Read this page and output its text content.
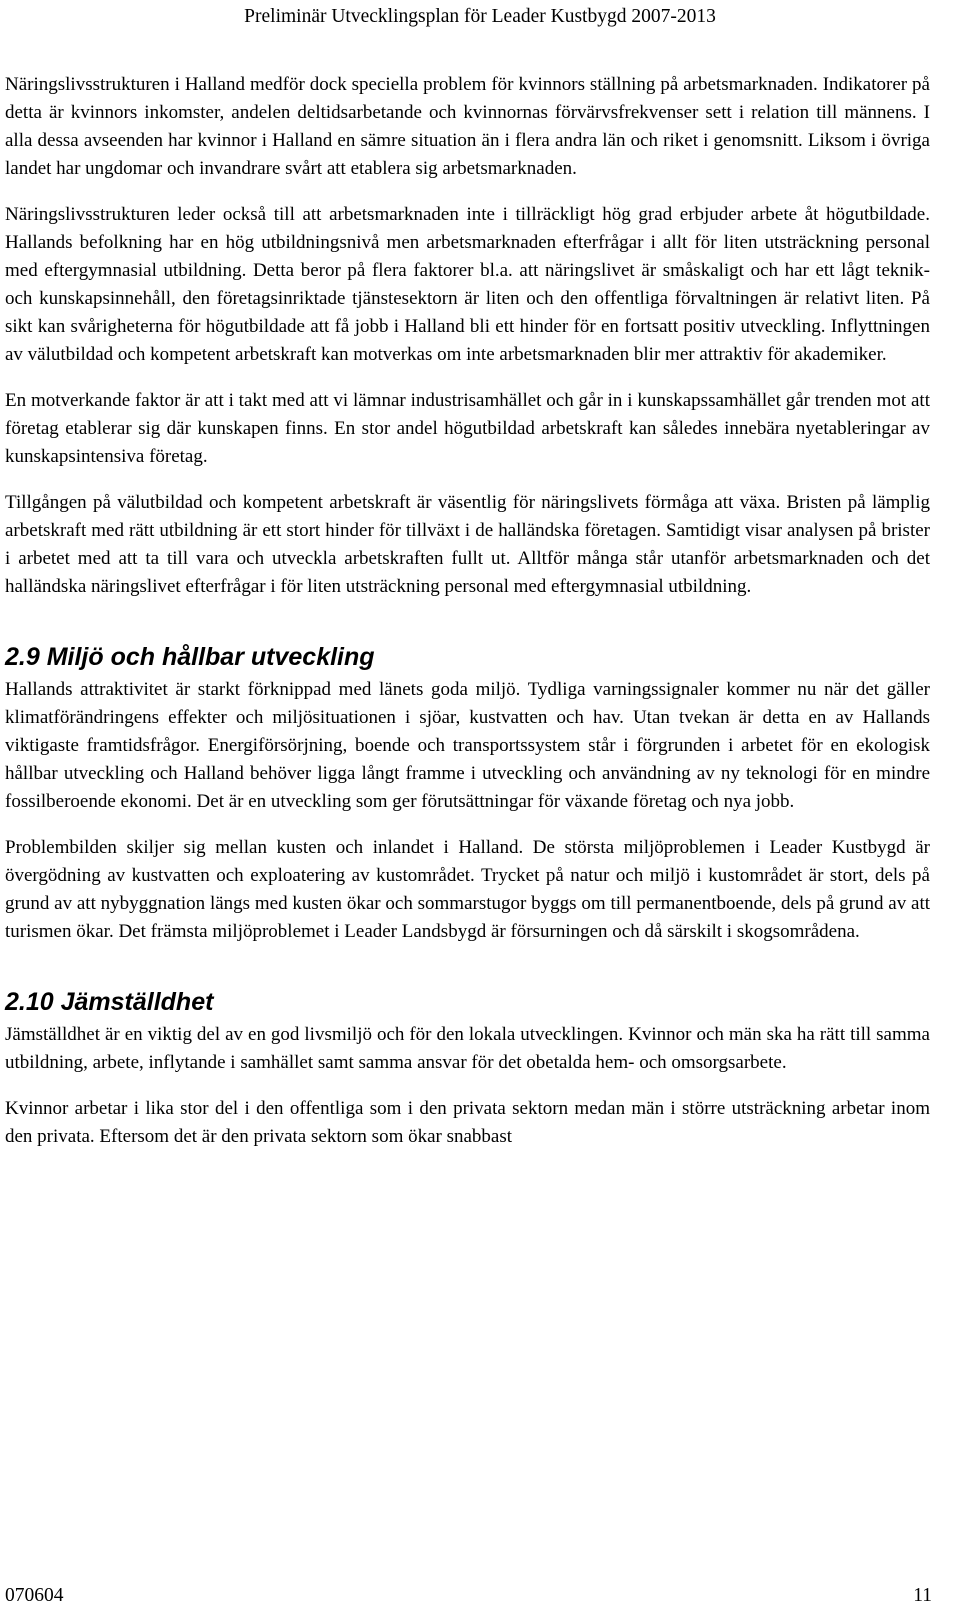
Preliminär Utvecklingsplan för Leader Kustbygd 2007-2013

Näringslivsstrukturen i Halland medför dock speciella problem för kvinnors ställning på arbetsmarknaden. Indikatorer på detta är kvinnors inkomster, andelen deltidsarbetande och kvinnornas förvärvsfrekvenser sett i relation till männens. I alla dessa avseenden har kvinnor i Halland en sämre situation än i flera andra län och riket i genomsnitt. Liksom i övriga landet har ungdomar och invandrare svårt att etablera sig arbetsmarknaden.

Näringslivsstrukturen leder också till att arbetsmarknaden inte i tillräckligt hög grad erbjuder arbete åt högutbildade. Hallands befolkning har en hög utbildningsnivå men arbetsmarknaden efterfrågar i allt för liten utsträckning personal med eftergymnasial utbildning. Detta beror på flera faktorer bl.a. att näringslivet är småskaligt och har ett lågt teknik- och kunskapsinnehåll, den företagsinriktade tjänstesektorn är liten och den offentliga förvaltningen är relativt liten. På sikt kan svårigheterna för högutbildade att få jobb i Halland bli ett hinder för en fortsatt positiv utveckling. Inflyttningen av välutbildad och kompetent arbetskraft kan motverkas om inte arbetsmarknaden blir mer attraktiv för akademiker.

En motverkande faktor är att i takt med att vi lämnar industrisamhället och går in i kunskapssamhället går trenden mot att företag etablerar sig där kunskapen finns. En stor andel högutbildad arbetskraft kan således innebära nyetableringar av kunskapsintensiva företag.

Tillgången på välutbildad och kompetent arbetskraft är väsentlig för näringslivets förmåga att växa. Bristen på lämplig arbetskraft med rätt utbildning är ett stort hinder för tillväxt i de halländska företagen. Samtidigt visar analysen på brister i arbetet med att ta till vara och utveckla arbetskraften fullt ut. Alltför många står utanför arbetsmarknaden och det halländska näringslivet efterfrågar i för liten utsträckning personal med eftergymnasial utbildning.

2.9 Miljö och hållbar utveckling

Hallands attraktivitet är starkt förknippad med länets goda miljö. Tydliga varningssignaler kommer nu när det gäller klimatförändringens effekter och miljösituationen i sjöar, kustvatten och hav. Utan tvekan är detta en av Hallands viktigaste framtidsfrågor. Energiförsörjning, boende och transportssystem står i förgrunden i arbetet för en ekologisk hållbar utveckling och Halland behöver ligga långt framme i utveckling och användning av ny teknologi för en mindre fossilberoende ekonomi. Det är en utveckling som ger förutsättningar för växande företag och nya jobb.

Problembilden skiljer sig mellan kusten och inlandet i Halland. De största miljöproblemen i Leader Kustbygd är övergödning av kustvatten och exploatering av kustområdet. Trycket på natur och miljö i kustområdet är stort, dels på grund av att nybyggnation längs med kusten ökar och sommarstugor byggs om till permanentboende, dels på grund av att turismen ökar. Det främsta miljöproblemet i Leader Landsbygd är försurningen och då särskilt i skogsområdena.

2.10 Jämställdhet

Jämställdhet är en viktig del av en god livsmiljö och för den lokala utvecklingen. Kvinnor och män ska ha rätt till samma utbildning, arbete, inflytande i samhället samt samma ansvar för det obetalda hem- och omsorgsarbete.

Kvinnor arbetar i lika stor del i den offentliga som i den privata sektorn medan män i större utsträckning arbetar inom den privata. Eftersom det är den privata sektorn som ökar snabbast

070604	11
